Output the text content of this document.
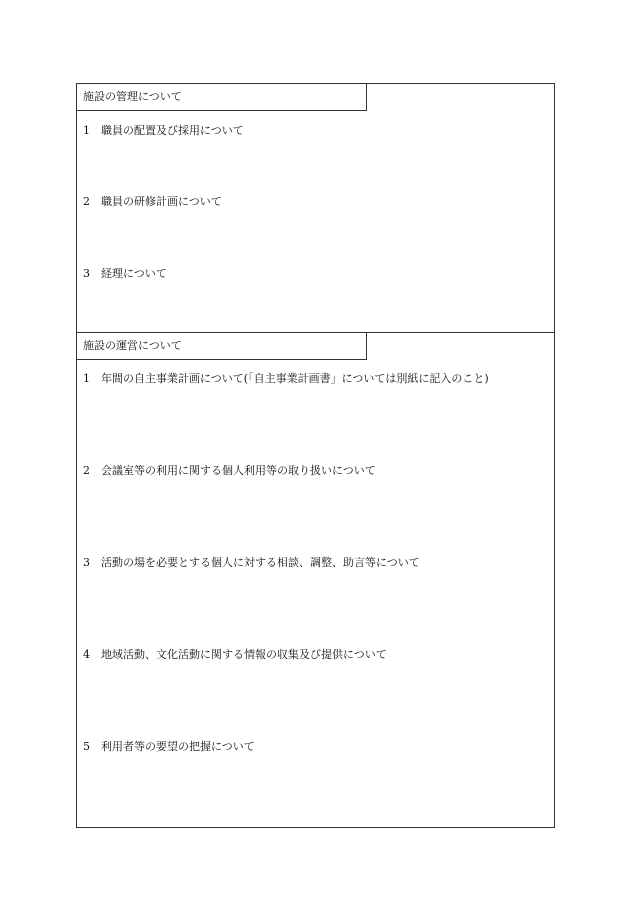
施設の管理について
1 職員の配置及び採用について
2 職員の研修計画について
3 経理について
施設の運営について
1 年間の自主事業計画について(「自主事業計画書」については別紙に記入のこと)
2 会議室等の利用に関する個人利用等の取り扱いについて
3 活動の場を必要とする個人に対する相談、調整、助言等について
4 地域活動、文化活動に関する情報の収集及び提供について
5 利用者等の要望の把握について
